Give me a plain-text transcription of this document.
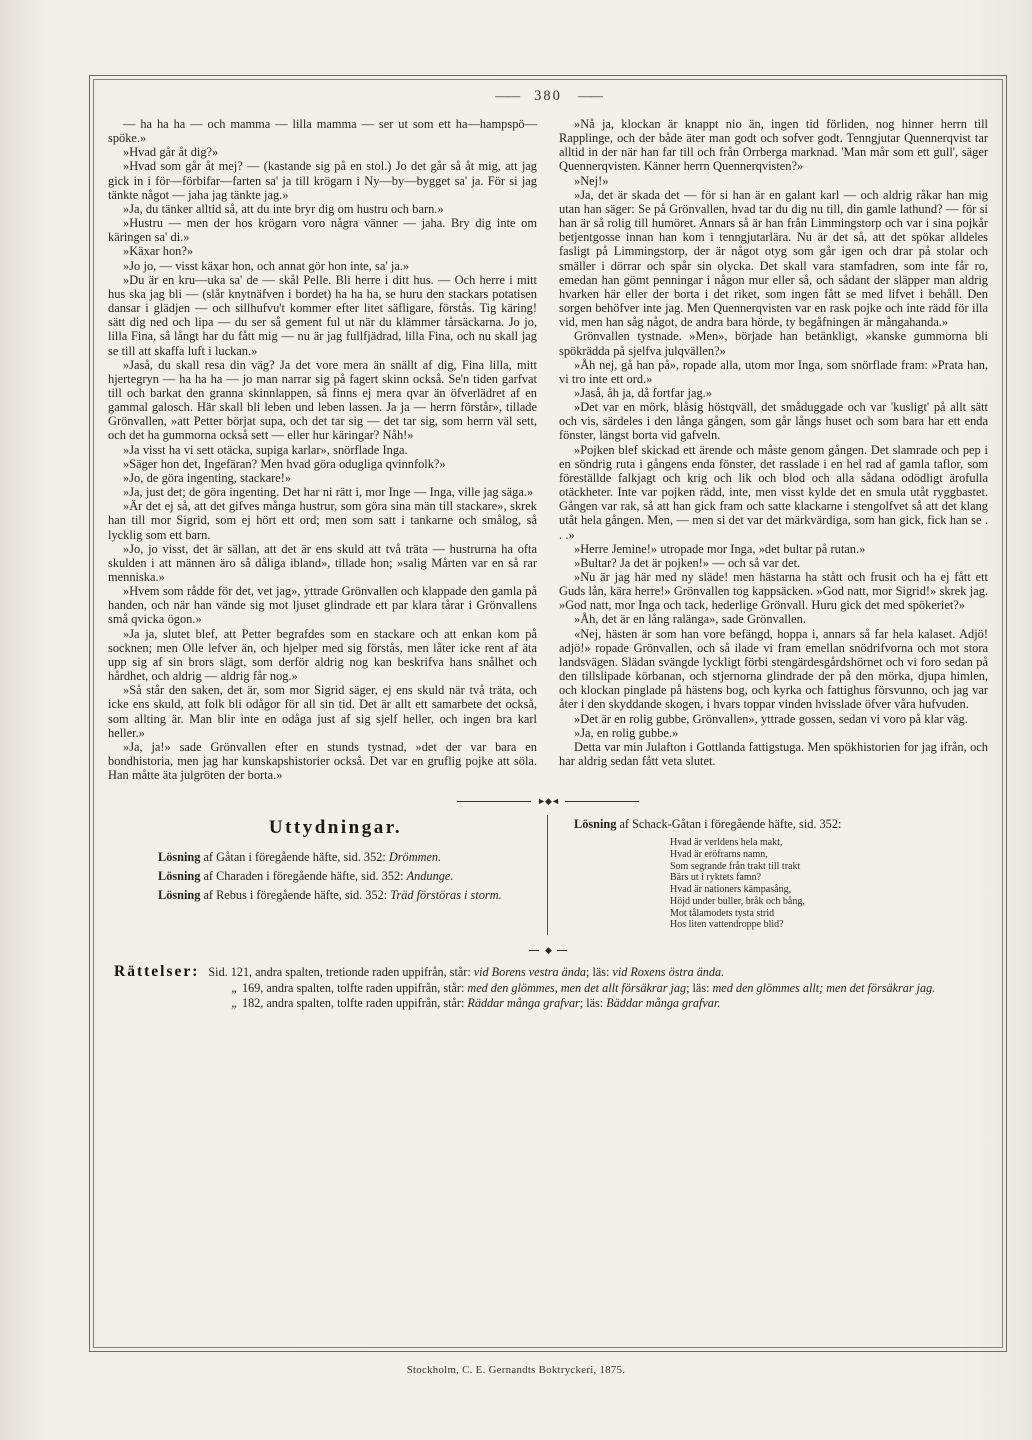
—— 380 ——

— ha ha ha — och mamma — lilla mamma — ser ut som ett ha—hampspö—spöke.»

»Hvad går åt dig?»

»Hvad som går åt mej? — (kastande sig på en stol.) Jo det går så åt mig, att jag gick in i för—förbifar—farten sa' ja till krögarn i Ny—by—bygget sa' ja. För si jag tänkte något — jaha jag tänkte jag.»

»Ja, du tänker alltid så, att du inte bryr dig om hustru och barn.»

»Hustru — men der hos krögarn voro några vänner — jaha. Bry dig inte om käringen sa' di.»

»Käxar hon?»

»Jo jo, — visst käxar hon, och annat gör hon inte, sa' ja.»

»Du är en kru—uka sa' de — skål Pelle. Bli herre i ditt hus. — Och herre i mitt hus ska jag bli — (slår knytnäfven i bordet) ha ha ha, se huru den stackars potatisen dansar i glädjen — och sillhufvu't kommer efter litet säfligare, förstås. Tig käring! sätt dig ned och lipa — du ser så gement ful ut när du klämmer tårsäckarna. Jo jo, lilla Fina, så långt har du fått mig — nu är jag fullfjädrad, lilla Fina, och nu skall jag se till att skaffa luft i luckan.»

»Jaså, du skall resa din väg? Ja det vore mera än snällt af dig, Fina lilla, mitt hjertegryn — ha ha ha — jo man narrar sig på fagert skinn också. Se'n tiden garfvat till och barkat den granna skinnlappen, så finns ej mera qvar än öfverlädret af en gammal galosch. Här skall bli leben und leben lassen. Ja ja — herrn förstår», tillade Grönvallen, »att Petter börjat supa, och det tar sig — det tar sig, som herrn väl sett, och det ha gummorna också sett — eller hur käringar? Nåh!»

»Ja visst ha vi sett otäcka, supiga karlar», snörflade Inga.

»Säger hon det, Ingefäran? Men hvad göra odugliga qvinnfolk?»

»Jo, de göra ingenting, stackare!»

»Ja, just det; de göra ingenting. Det har ni rätt i, mor Inge — Inga, ville jag säga.»

»Är det ej så, att det gifves många hustrur, som göra sina män till stackare», skrek han till mor Sigrid, som ej hört ett ord; men som satt i tankarne och smålog, så lycklig som ett barn.

»Jo, jo visst, det är sällan, att det är ens skuld att två träta — hustrurna ha ofta skulden i att männen äro så dåliga ibland», tillade hon; »salig Mårten var en så rar menniska.»

»Hvem som rådde för det, vet jag», yttrade Grönvallen och klappade den gamla på handen, och när han vände sig mot ljuset glindrade ett par klara tårar i Grönvallens små qvicka ögon.»

»Ja ja, slutet blef, att Petter begrafdes som en stackare och att enkan kom på socknen; men Olle lefver än, och hjelper med sig förstås, men låter icke rent af äta upp sig af sin brors slägt, som derför aldrig nog kan beskrifva hans snålhet och hårdhet, och aldrig — aldrig får nog.»

»Så står den saken, det är, som mor Sigrid säger, ej ens skuld när två träta, och icke ens skuld, att folk bli odågor för all sin tid. Det är allt ett samarbete det också, som allting är. Man blir inte en odåga just af sig sjelf heller, och ingen bra karl heller.»

»Ja, ja!» sade Grönvallen efter en stunds tystnad, »det der var bara en bondhistoria, men jag har kunskapshistorier också. Det var en gruflig pojke att söla. Han måtte äta julgröten der borta.»

»Nå ja, klockan är knappt nio än, ingen tid förliden, nog hinner herrn till Rapplinge, och der både äter man godt och sofver godt. Tenngjutar Quennerqvist tar alltid in der när han far till och från Orrberga marknad. 'Man mår som ett gull', säger Quennerqvisten. Känner herrn Quennerqvisten?»

»Nej!»

»Ja, det är skada det — för si han är en galant karl — och aldrig råkar han mig utan han säger: Se på Grönvallen, hvad tar du dig nu till, din gamle lathund? — för si han är så rolig till humöret. Annars så är han från Limmingstorp och var i sina pojkår betjentgosse innan han kom i tenngjutarlära. Nu är det så, att det spökar alldeles fasligt på Limmingstorp, der är något otyg som går igen och drar på stolar och smäller i dörrar och spår sin olycka. Det skall vara stamfadren, som inte får ro, emedan han gömt penningar i någon mur eller så, och sådant der släpper man aldrig hvarken här eller der borta i det riket, som ingen fått se med lifvet i behåll. Den sorgen behöfver inte jag. Men Quennerqvisten var en rask pojke och inte rädd för illa vid, men han såg något, de andra bara hörde, ty begåfningen är mångahanda.»

Grönvallen tystnade. »Men», började han betänkligt, »kanske gummorna bli spökrädda på sjelfva julqvällen?»

»Åh nej, gå han på», ropade alla, utom mor Inga, som snörflade fram: »Prata han, vi tro inte ett ord.»

»Jaså, åh ja, då fortfar jag.»

»Det var en mörk, blåsig höstqväll, det småduggade och var 'kusligt' på allt sätt och vis, särdeles i den långa gången, som går långs huset och som bara har ett enda fönster, längst borta vid gafveln.

»Pojken blef skickad ett ärende och måste genom gången. Det slamrade och pep i en söndrig ruta i gångens enda fönster, det rasslade i en hel rad af gamla taflor, som föreställde falkjagt och krig och lik och blod och alla sådana odödligt ärofulla otäckheter. Inte var pojken rädd, inte, men visst kylde det en smula utåt ryggbastet. Gången var rak, så att han gick fram och satte klackarne i stengolfvet så att det klang utåt hela gången. Men, — men si det var det märkvärdiga, som han gick, fick han se . . .»

»Herre Jemine!» utropade mor Inga, »det bultar på rutan.»

»Bultar? Ja det är pojken!» — och så var det.

»Nu är jag här med ny släde! men hästarna ha stått och frusit och ha ej fått ett Guds lån, kära herre!» Grönvallen tog kappsäcken. »God natt, mor Sigrid!» skrek jag. »God natt, mor Inga och tack, hederlige Grönvall. Huru gick det med spökeriet?»

»Åh, det är en lång ralänga», sade Grönvallen.

«Nej, hästen är som han vore befängd, hoppa i, annars så far hela kalaset. Adjö! adjö!» ropade Grönvallen, och så ilade vi fram emellan snödrifvorna och mot stora landsvägen. Slädan svängde lyckligt förbi stengärdesgårdshörnet och vi foro sedan på den tillslipade körbanan, och stjernorna glindrade der på den mörka, djupa himlen, och klockan pinglade på hästens bog, och kyrka och fattighus försvunno, och jag var åter i den skyddande skogen, i hvars toppar vinden hvisslade öfver våra hufvuden.

»Det är en rolig gubbe, Grönvallen», yttrade gossen, sedan vi voro på klar väg.

»Ja, en rolig gubbe.»

Detta var min Julafton i Gottlanda fattigstuga. Men spökhistorien for jag ifrån, och har aldrig sedan fått veta slutet.

►◆◄
Uttydningar.

Lösning af Gåtan i föregående häfte, sid. 352: Drömmen.

Lösning af Charaden i föregående häfte, sid. 352: Andunge.

Lösning af Rebus i föregående häfte, sid. 352: Träd förstöras i storm.

Lösning af Schack-Gåtan i föregående häfte, sid. 352:

Hvad är verldens hela makt,
Hvad är eröfrarns namn,
Som segrande från trakt till trakt
Bärs ut i ryktets famn?
Hvad är nationers kämpasång,
Höjd under buller, bråk och bång,
Mot tålamodets tysta strid
Hos liten vattendroppe blid?
◆

Rättelser: Sid. 121, andra spalten, tretionde raden uppifrån, står: vid Borens vestra ända; läs: vid Roxens östra ända.

„ 169, andra spalten, tolfte raden uppifrån, står: med den glömmes, men det allt försäkrar jag; läs: med den glömmes allt; men det försäkrar jag.

„ 182, andra spalten, tolfte raden uppifrån, står: Räddar många grafvar; läs: Bäddar många grafvar.

Stockholm, C. E. Gernandts Boktryckeri, 1875.
